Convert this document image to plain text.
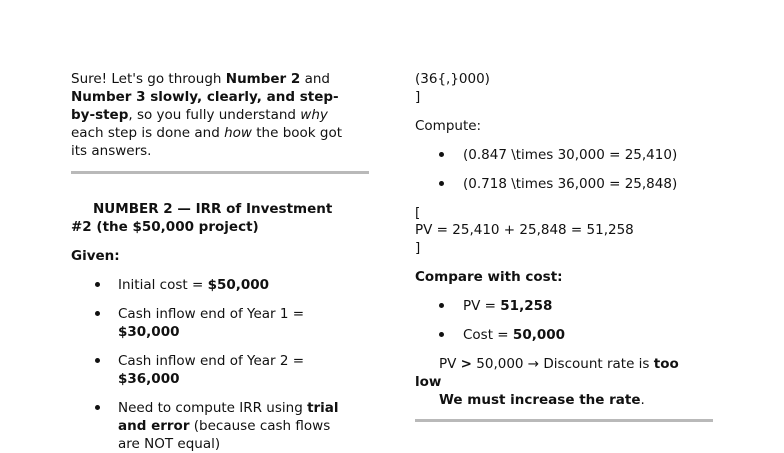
Sure! Let's go through Number 2 and
Number 3 slowly, clearly, and step-
by-step, so you fully understand why
each step is done and how the book got
its answers.
NUMBER 2 — IRR of Investment
#2 (the $50,000 project)
Given:
Initial cost = $50,000
Cash inflow end of Year 1 =
$30,000
Cash inflow end of Year 2 =
$36,000
Need to compute IRR using trial
and error (because cash flows
are NOT equal)
(36{,}000)
]
Compute:
(0.847 \times 30,000 = 25,410)
(0.718 \times 36,000 = 25,848)
[
PV = 25,410 + 25,848 = 51,258
]
Compare with cost:
PV = 51,258
Cost = 50,000
PV > 50,000 → Discount rate is too
low
We must increase the rate.
